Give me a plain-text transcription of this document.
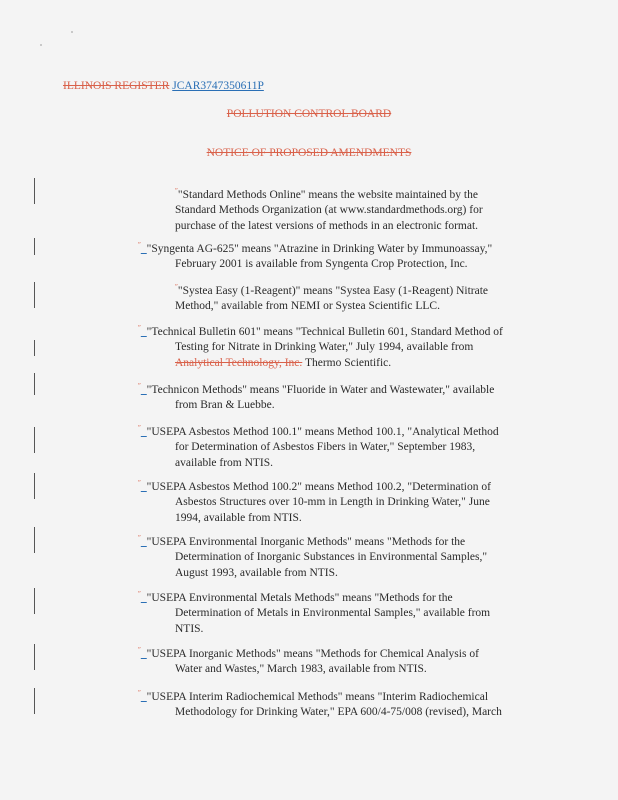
ILLINOIS REGISTER JCAR3747350611P
POLLUTION CONTROL BOARD
NOTICE OF PROPOSED AMENDMENTS
″"Standard Methods Online" means the website maintained by the
Standard Methods Organization (at www.standardmethods.org) for
purchase of the latest versions of methods in an electronic format.
″_"Syngenta AG-625" means "Atrazine in Drinking Water by Immunoassay,"
February 2001 is available from Syngenta Crop Protection, Inc.
″"Systea Easy (1-Reagent)" means "Systea Easy (1-Reagent) Nitrate
Method," available from NEMI or Systea Scientific LLC.
″_"Technical Bulletin 601" means "Technical Bulletin 601, Standard Method of
Testing for Nitrate in Drinking Water," July 1994, available from
Analytical Technology, Inc. Thermo Scientific.
″_"Technicon Methods" means "Fluoride in Water and Wastewater," available
from Bran & Luebbe.
″_"USEPA Asbestos Method 100.1" means Method 100.1, "Analytical Method
for Determination of Asbestos Fibers in Water," September 1983,
available from NTIS.
″_"USEPA Asbestos Method 100.2" means Method 100.2, "Determination of
Asbestos Structures over 10-mm in Length in Drinking Water," June
1994, available from NTIS.
″_"USEPA Environmental Inorganic Methods" means "Methods for the
Determination of Inorganic Substances in Environmental Samples,"
August 1993, available from NTIS.
″_"USEPA Environmental Metals Methods" means "Methods for the
Determination of Metals in Environmental Samples," available from
NTIS.
″_"USEPA Inorganic Methods" means "Methods for Chemical Analysis of
Water and Wastes," March 1983, available from NTIS.
″_"USEPA Interim Radiochemical Methods" means "Interim Radiochemical
Methodology for Drinking Water," EPA 600/4-75/008 (revised), March
